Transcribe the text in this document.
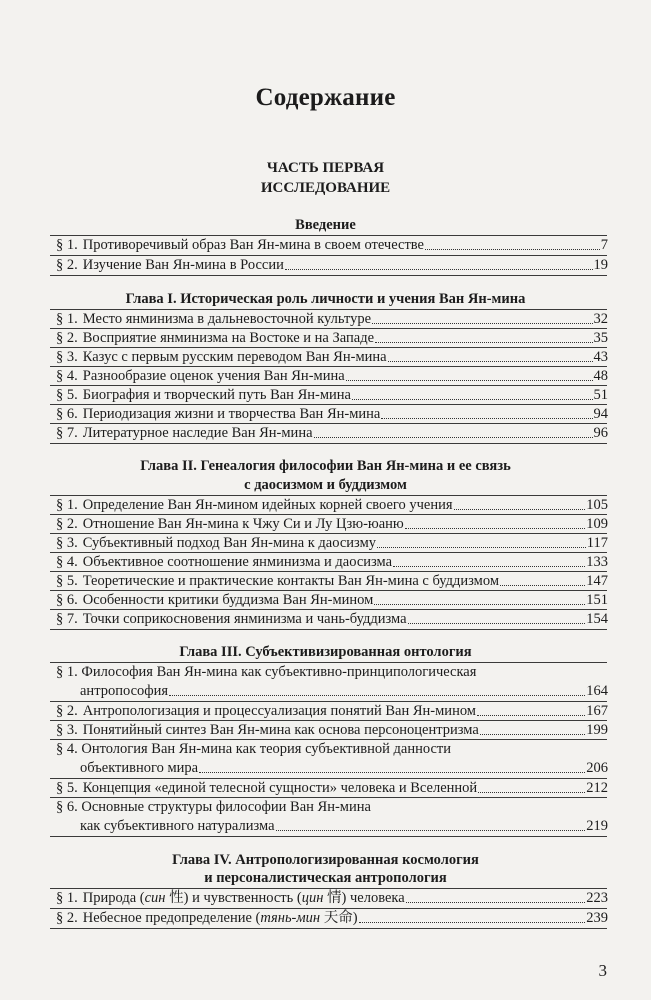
Содержание
ЧАСТЬ ПЕРВАЯ
ИССЛЕДОВАНИЕ
Введение
§ 1. Противоречивый образ Ван Ян-мина в своем отечестве	7
§ 2. Изучение Ван Ян-мина в России	19
Глава I. Историческая роль личности и учения Ван Ян-мина
§ 1. Место янминизма в дальневосточной культуре	32
§ 2. Восприятие янминизма на Востоке и на Западе	35
§ 3. Казус с первым русским переводом Ван Ян-мина	43
§ 4. Разнообразие оценок учения Ван Ян-мина	48
§ 5. Биография и творческий путь Ван Ян-мина	51
§ 6. Периодизация жизни и творчества Ван Ян-мина	94
§ 7. Литературное наследие Ван Ян-мина	96
Глава II. Генеалогия философии Ван Ян-мина и ее связь
с даосизмом и буддизмом
§ 1. Определение Ван Ян-мином идейных корней своего учения	105
§ 2. Отношение Ван Ян-мина к Чжу Си и Лу Цзю-юаню	109
§ 3. Субъективный подход Ван Ян-мина к даосизму	117
§ 4. Объективное соотношение янминизма и даосизма	133
§ 5. Теоретические и практические контакты Ван Ян-мина с буддизмом	147
§ 6. Особенности критики буддизма Ван Ян-мином	151
§ 7. Точки соприкосновения янминизма и чань-буддизма	154
Глава III. Субъективизированная онтология
§ 1. Философия Ван Ян-мина как субъективно-принципологическая
антропософия	164
§ 2. Антропологизация и процессуализация понятий Ван Ян-мином	167
§ 3. Понятийный синтез Ван Ян-мина как основа персоноцентризма	199
§ 4. Онтология Ван Ян-мина как теория субъективной данности
объективного мира	206
§ 5. Концепция «единой телесной сущности» человека и Вселенной	212
§ 6. Основные структуры философии Ван Ян-мина
как субъективного натурализма	219
Глава IV. Антропологизированная космология
и персоналистическая антропология
§ 1. Природа (син 性) и чувственность (цин 情) человека	223
§ 2. Небесное предопределение (тянь-мин 天命)	239
3
